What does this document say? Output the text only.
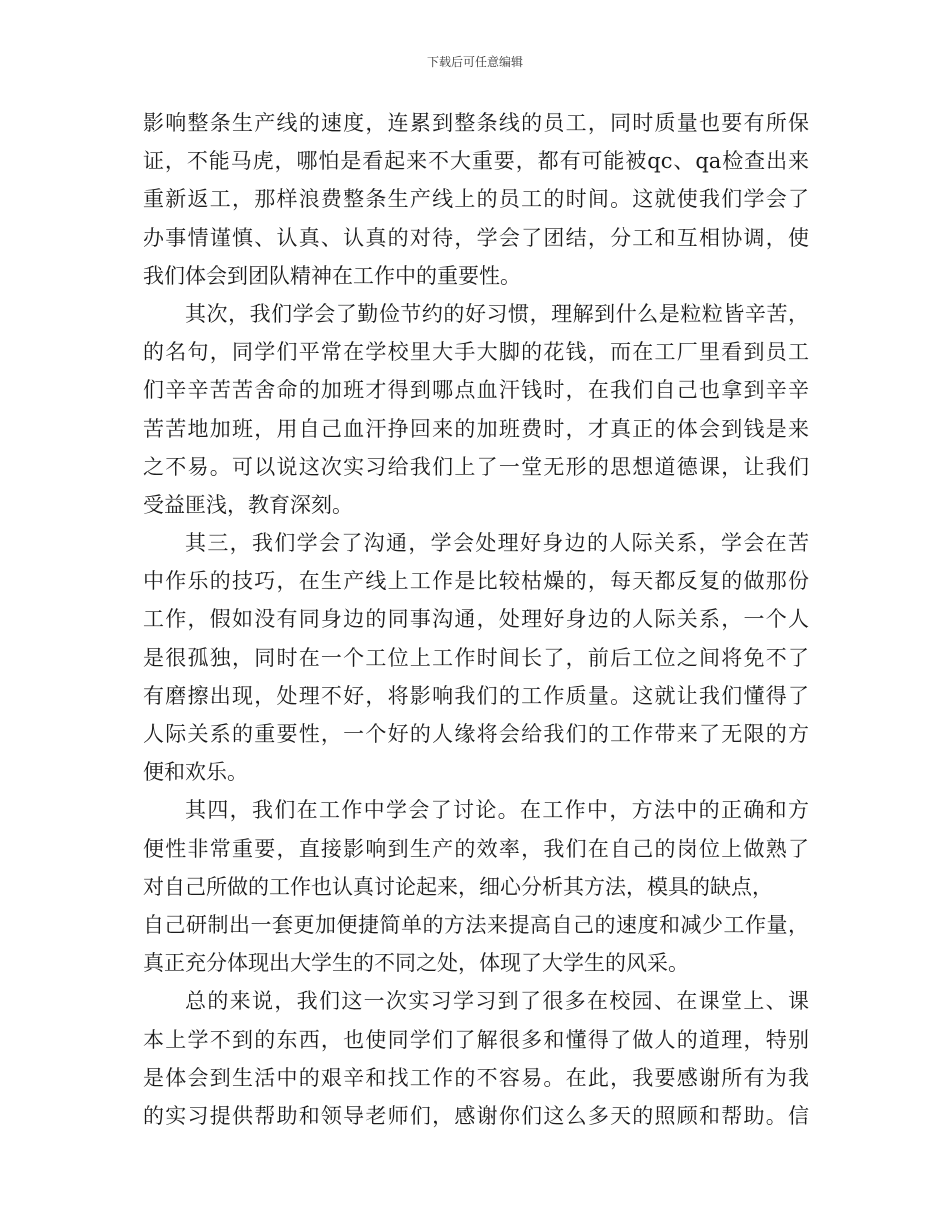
下载后可任意编辑
影响整条生产线的速度，连累到整条线的员工，同时质量也要有所保
证，不能马虎，哪怕是看起来不大重要，都有可能被qc、qa检查出来
重新返工，那样浪费整条生产线上的员工的时间。这就使我们学会了
办事情谨慎、认真、认真的对待，学会了团结，分工和互相协调，使
我们体会到团队精神在工作中的重要性。
其次，我们学会了勤俭节约的好习惯，理解到什么是粒粒皆辛苦，
的名句，同学们平常在学校里大手大脚的花钱，而在工厂里看到员工
们辛辛苦苦舍命的加班才得到哪点血汗钱时，在我们自己也拿到辛辛
苦苦地加班，用自己血汗挣回来的加班费时，才真正的体会到钱是来
之不易。可以说这次实习给我们上了一堂无形的思想道德课，让我们
受益匪浅，教育深刻。
其三，我们学会了沟通，学会处理好身边的人际关系，学会在苦
中作乐的技巧，在生产线上工作是比较枯燥的，每天都反复的做那份
工作，假如没有同身边的同事沟通，处理好身边的人际关系，一个人
是很孤独，同时在一个工位上工作时间长了，前后工位之间将免不了
有磨擦出现，处理不好，将影响我们的工作质量。这就让我们懂得了
人际关系的重要性，一个好的人缘将会给我们的工作带来了无限的方
便和欢乐。
其四，我们在工作中学会了讨论。在工作中，方法中的正确和方
便性非常重要，直接影响到生产的效率，我们在自己的岗位上做熟了
对自己所做的工作也认真讨论起来，细心分析其方法，模具的缺点，
自己研制出一套更加便捷简单的方法来提高自己的速度和减少工作量，
真正充分体现出大学生的不同之处，体现了大学生的风采。
总的来说，我们这一次实习学习到了很多在校园、在课堂上、课
本上学不到的东西，也使同学们了解很多和懂得了做人的道理，特别
是体会到生活中的艰辛和找工作的不容易。在此，我要感谢所有为我
的实习提供帮助和领导老师们，感谢你们这么多天的照顾和帮助。信
